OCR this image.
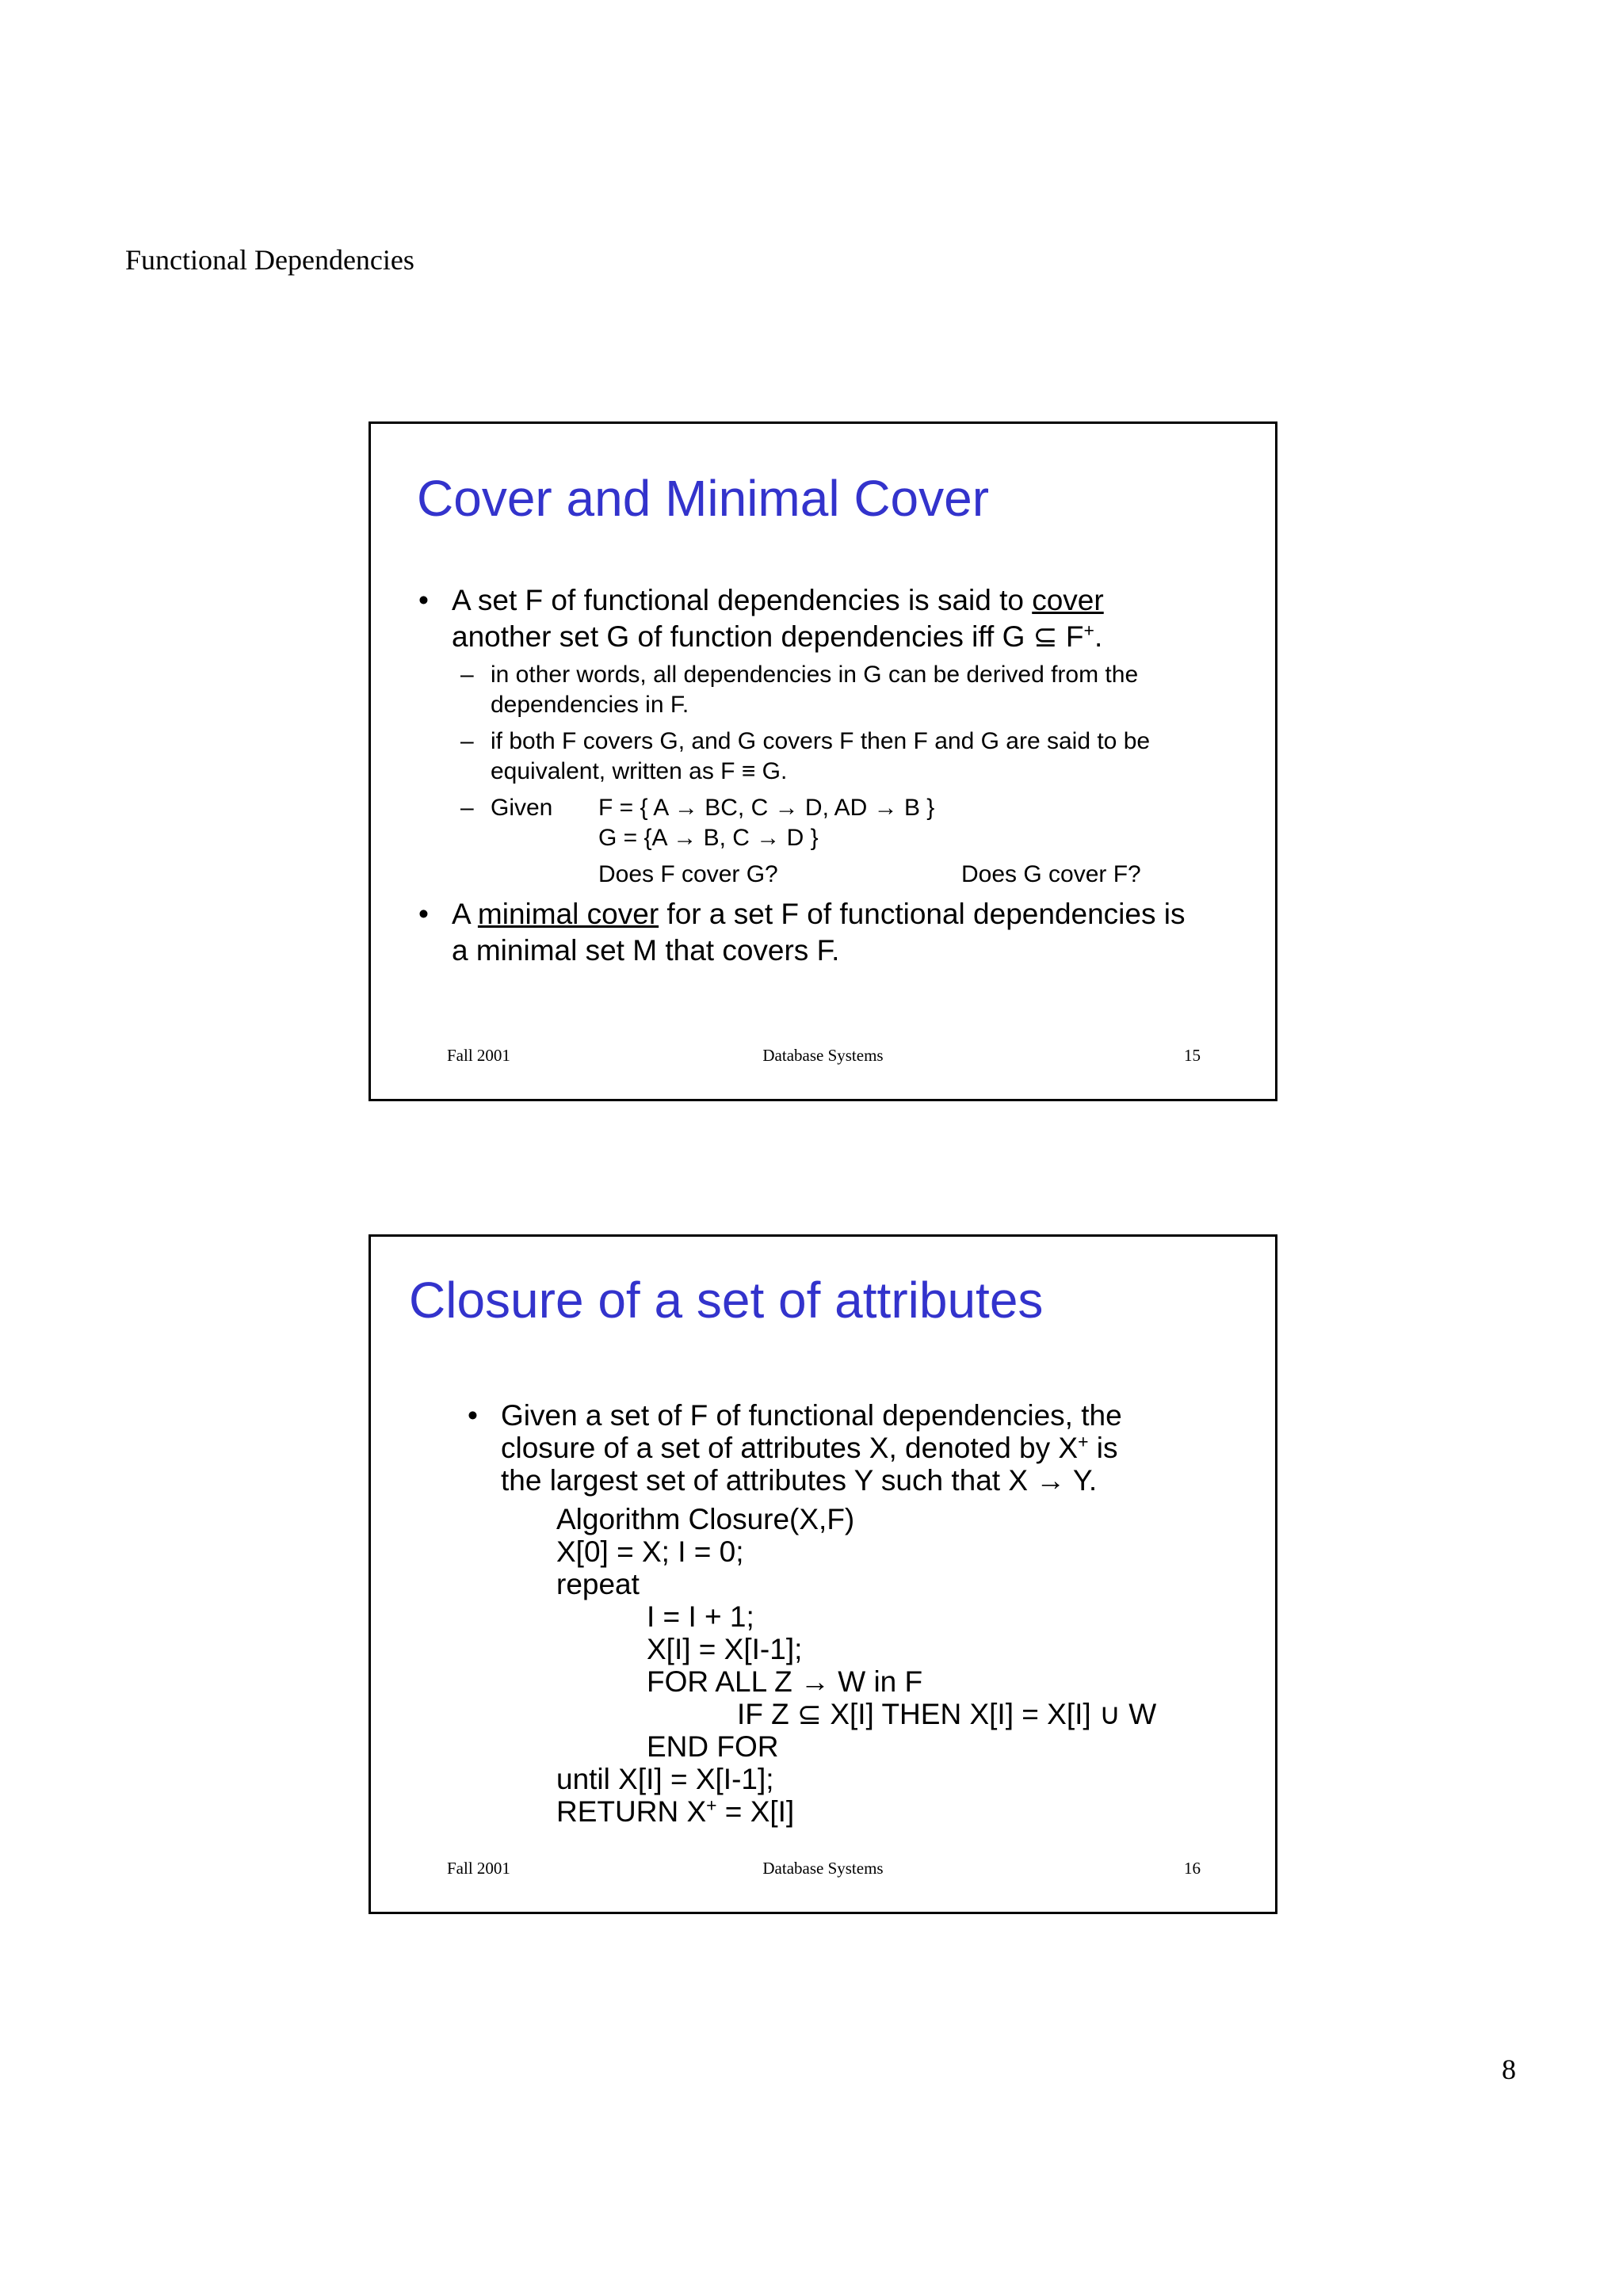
Functional Dependencies
Cover and Minimal Cover
• A set F of functional dependencies is said to cover
another set G of function dependencies iff G ⊆ F+.
– in other words, all dependencies in G can be derived from the
dependencies in F.
– if both F covers G, and G covers F then F and G are said to be
equivalent, written as F ≡ G.
– Given F = { A → BC, C → D, AD → B }
G = {A → B, C → D }
Does F cover G?	Does G cover F?
• A minimal cover for a set F of functional dependencies is
a minimal set M that covers F.
Fall 2001	Database Systems	15
Closure of a set of attributes
• Given a set of F of functional dependencies, the
closure of a set of attributes X, denoted by X+ is
the largest set of attributes Y such that X → Y.
Algorithm Closure(X,F)
X[0] = X; I = 0;
repeat
I = I + 1;
X[I] = X[I-1];
FOR ALL Z → W in F
IF Z ⊆ X[I] THEN X[I] = X[I] ∪ W
END FOR
until X[I] = X[I-1];
RETURN X+ = X[I]
Fall 2001	Database Systems	16
8
